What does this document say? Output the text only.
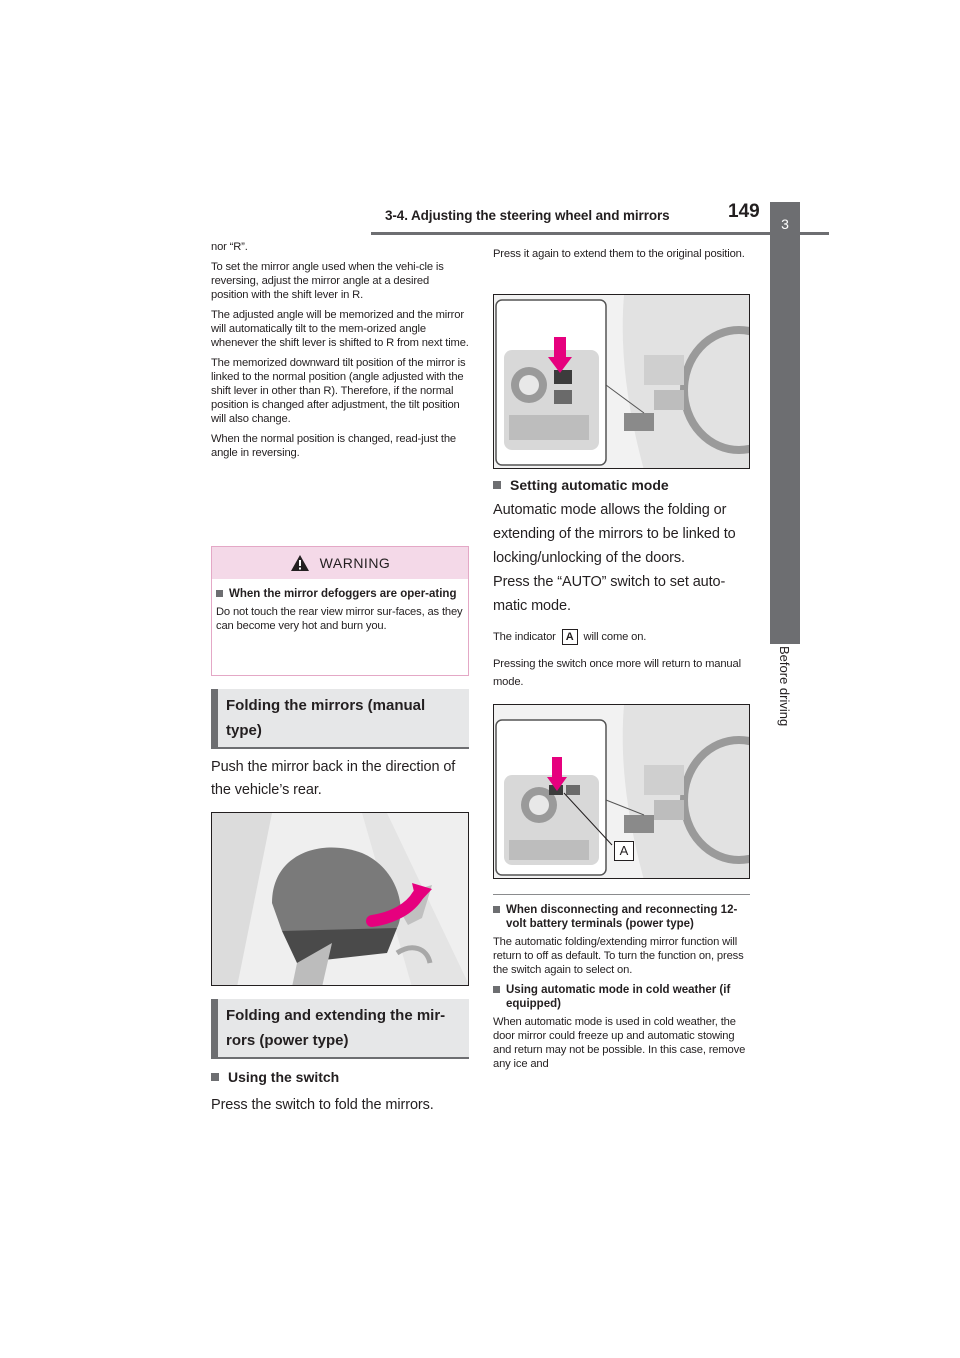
3-4. Adjusting the steering wheel and mirrors	149
3
Before driving

nor “R”.

To set the mirror angle used when the vehi-cle is reversing, adjust the mirror angle at a desired position with the shift lever in R.

The adjusted angle will be memorized and the mirror will automatically tilt to the mem-orized angle whenever the shift lever is shifted to R from next time.

The memorized downward tilt position of the mirror is linked to the normal position (angle adjusted with the shift lever in other than R). Therefore, if the normal position is changed after adjustment, the tilt position will also change.

When the normal position is changed, read-just the angle in reversing.

WARNING
When the mirror defoggers are oper-ating

Do not touch the rear view mirror sur-faces, as they can become very hot and burn you.

Folding the mirrors (manual type)

Push the mirror back in the direction of the vehicle’s rear.

Folding and extending the mir-rors (power type)
Using the switch

Press the switch to fold the mirrors.

Press it again to extend them to the original position.

Setting automatic mode

Automatic mode allows the folding or extending of the mirrors to be linked to locking/unlocking of the doors.

Press the “AUTO” switch to set auto-matic mode.

The indicator A will come on.

Pressing the switch once more will return to manual mode.

A
When disconnecting and reconnecting 12-volt battery terminals (power type)

The automatic folding/extending mirror function will return to off as default. To turn the function on, press the switch again to select on.

Using automatic mode in cold weather (if equipped)

When automatic mode is used in cold weather, the door mirror could freeze up and automatic stowing and return may not be possible. In this case, remove any ice and
